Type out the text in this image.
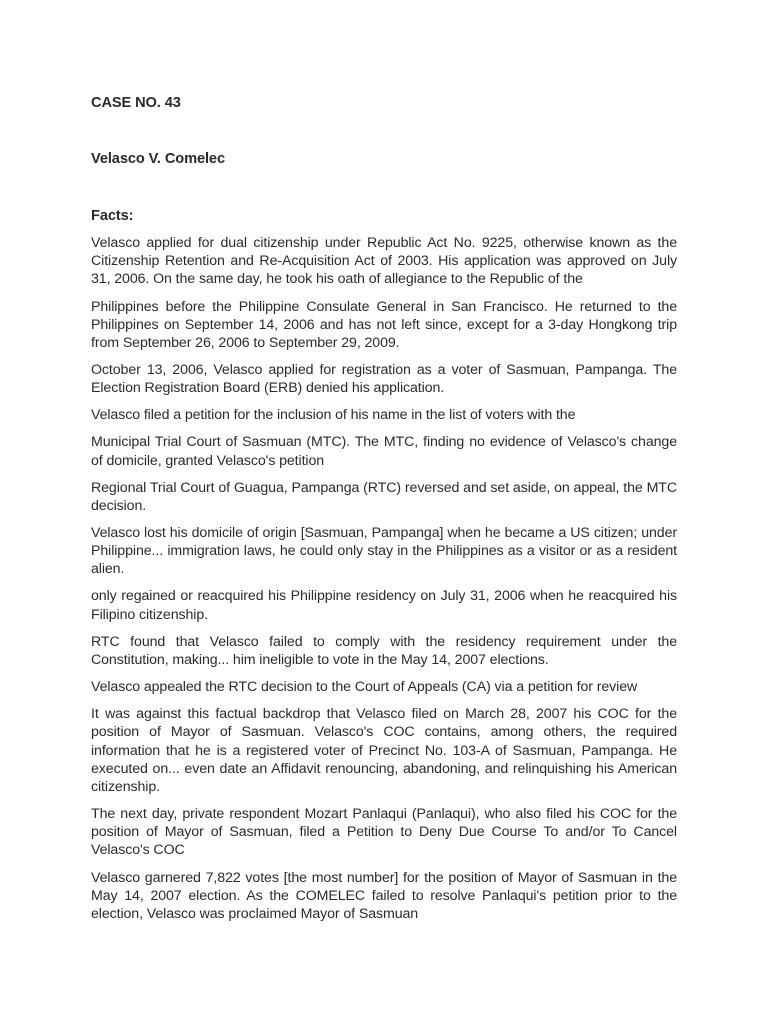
CASE NO. 43
Velasco V. Comelec
Facts:

Velasco applied for dual citizenship under Republic Act No. 9225, otherwise known as the Citizenship Retention and Re-Acquisition Act of 2003. His application was approved on July 31, 2006. On the same day, he took his oath of allegiance to the Republic of the

Philippines before the Philippine Consulate General in San Francisco. He returned to the Philippines on September 14, 2006 and has not left since, except for a 3-day Hongkong trip from September 26, 2006 to September 29, 2009.

October 13, 2006, Velasco applied for registration as a voter of Sasmuan, Pampanga. The Election Registration Board (ERB) denied his application.

Velasco filed a petition for the inclusion of his name in the list of voters with the

Municipal Trial Court of Sasmuan (MTC). The MTC, finding no evidence of Velasco's change of domicile, granted Velasco's petition

Regional Trial Court of Guagua, Pampanga (RTC) reversed and set aside, on appeal, the MTC decision.

Velasco lost his domicile of origin [Sasmuan, Pampanga] when he became a US citizen; under Philippine... immigration laws, he could only stay in the Philippines as a visitor or as a resident alien.

only regained or reacquired his Philippine residency on July 31, 2006 when he reacquired his Filipino citizenship.

RTC found that Velasco failed to comply with the residency requirement under the Constitution, making... him ineligible to vote in the May 14, 2007 elections.

Velasco appealed the RTC decision to the Court of Appeals (CA) via a petition for review

It was against this factual backdrop that Velasco filed on March 28, 2007 his COC for the position of Mayor of Sasmuan. Velasco's COC contains, among others, the required information that he is a registered voter of Precinct No. 103-A of Sasmuan, Pampanga. He executed on... even date an Affidavit renouncing, abandoning, and relinquishing his American citizenship.

The next day, private respondent Mozart Panlaqui (Panlaqui), who also filed his COC for the position of Mayor of Sasmuan, filed a Petition to Deny Due Course To and/or To Cancel Velasco's COC

Velasco garnered 7,822 votes [the most number] for the position of Mayor of Sasmuan in the May 14, 2007 election. As the COMELEC failed to resolve Panlaqui's petition prior to the election, Velasco was proclaimed Mayor of Sasmuan
